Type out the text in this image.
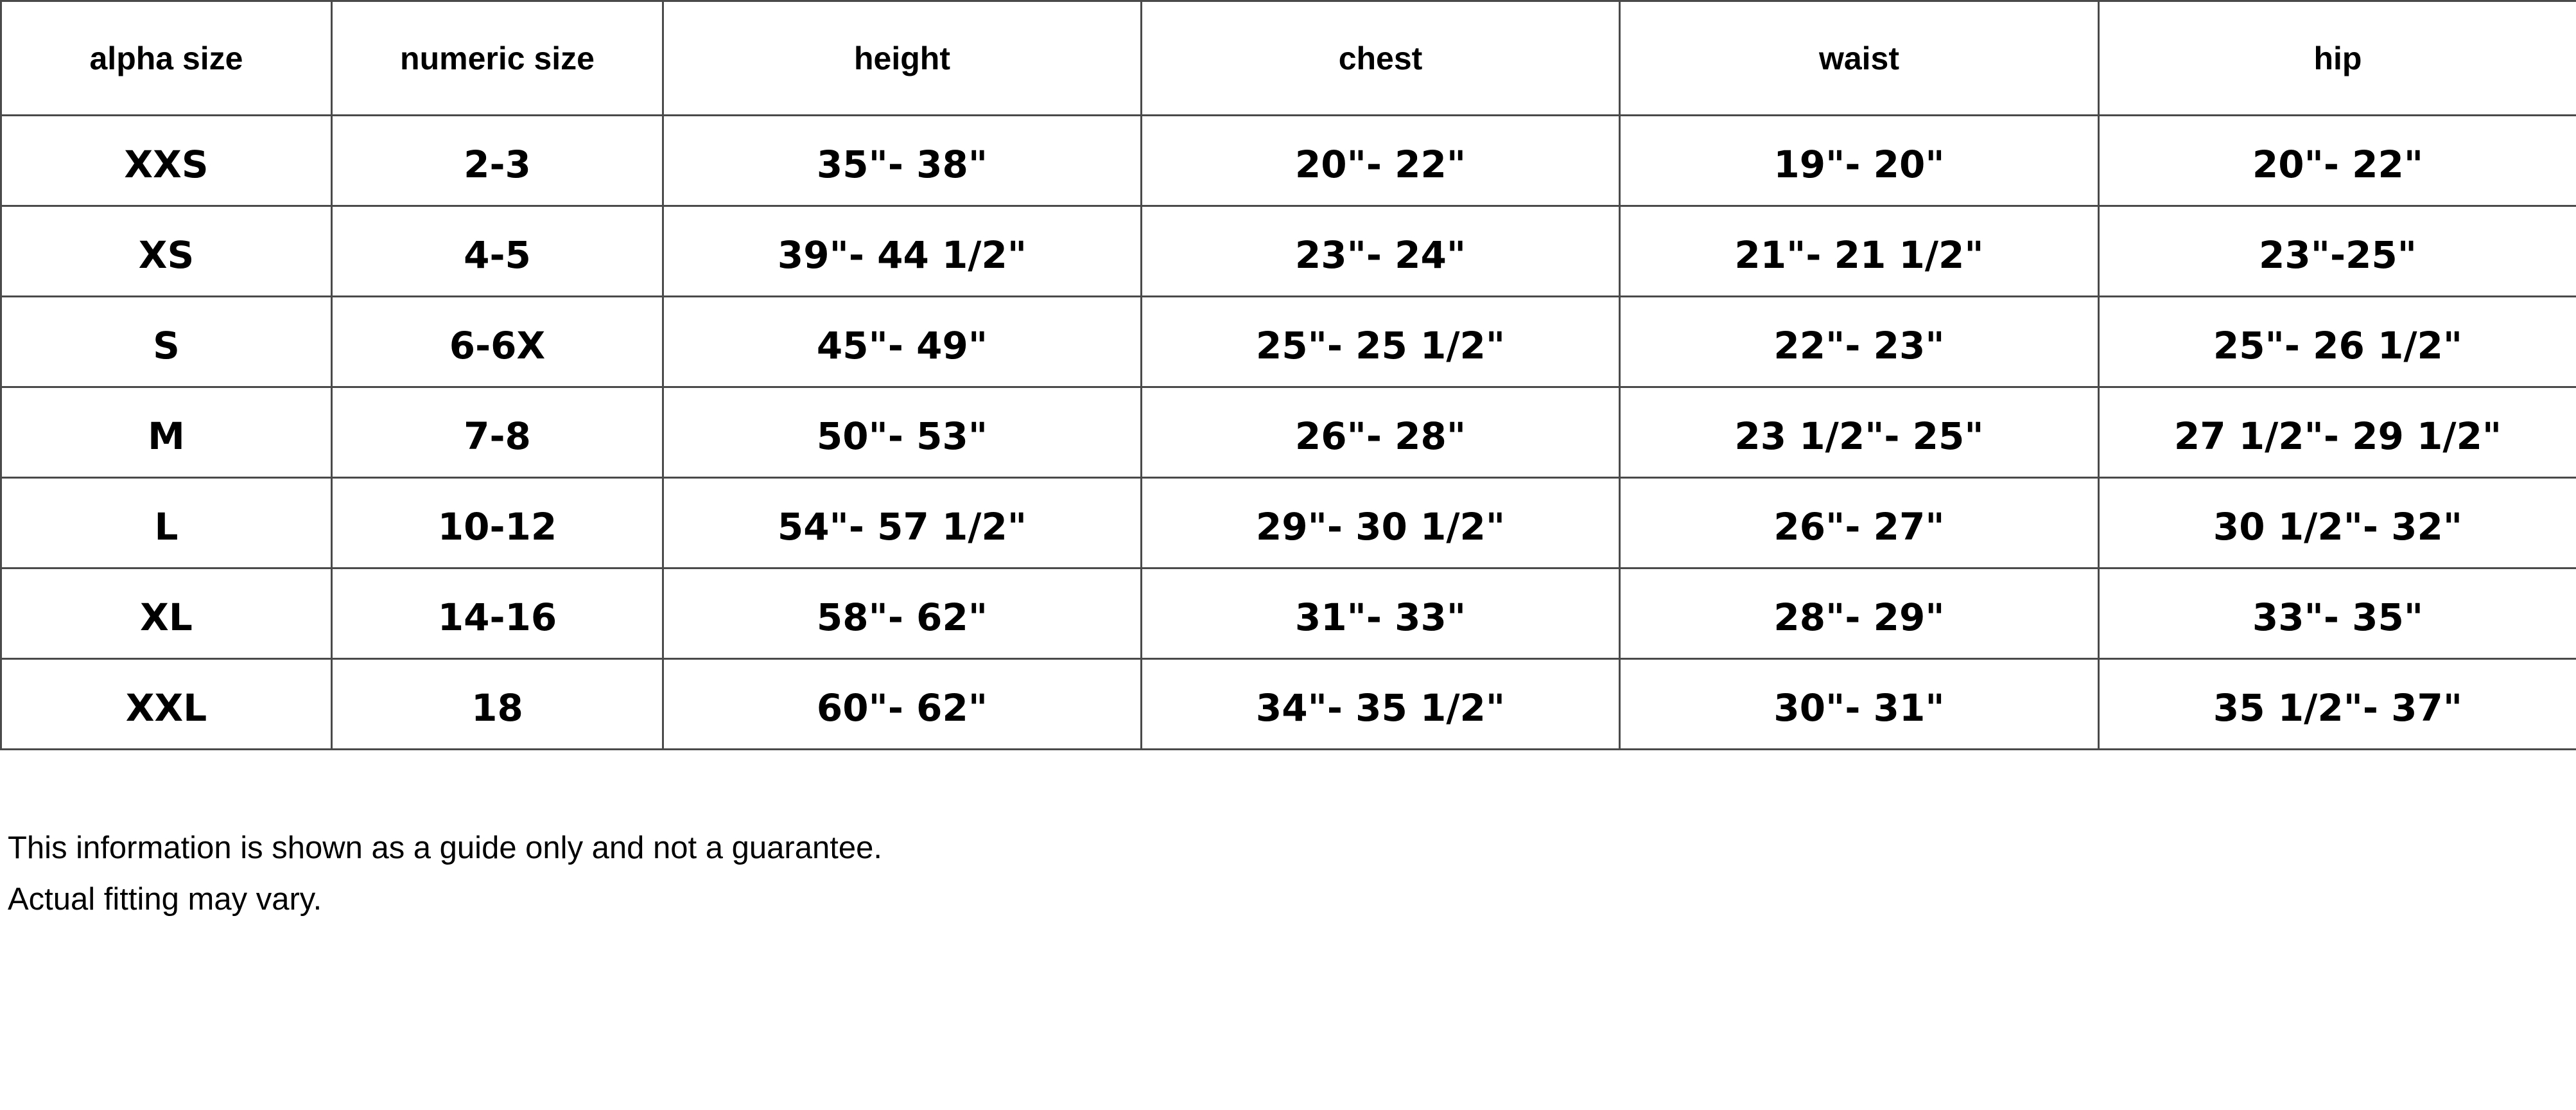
alpha size	numeric size	height	chest	waist	hip
XXS	2-3	35"- 38"	20"- 22"	19"- 20"	20"- 22"
XS	4-5	39"- 44 1/2"	23"- 24"	21"- 21 1/2"	23"-25"
S	6-6X	45"- 49"	25"- 25 1/2"	22"- 23"	25"- 26 1/2"
M	7-8	50"- 53"	26"- 28"	23 1/2"- 25"	27 1/2"- 29 1/2"
L	10-12	54"- 57 1/2"	29"- 30 1/2"	26"- 27"	30 1/2"- 32"
XL	14-16	58"- 62"	31"- 33"	28"- 29"	33"- 35"
XXL	18	60"- 62"	34"- 35 1/2"	30"- 31"	35 1/2"- 37"
This information is shown as a guide only and not a guarantee.
Actual fitting may vary.
